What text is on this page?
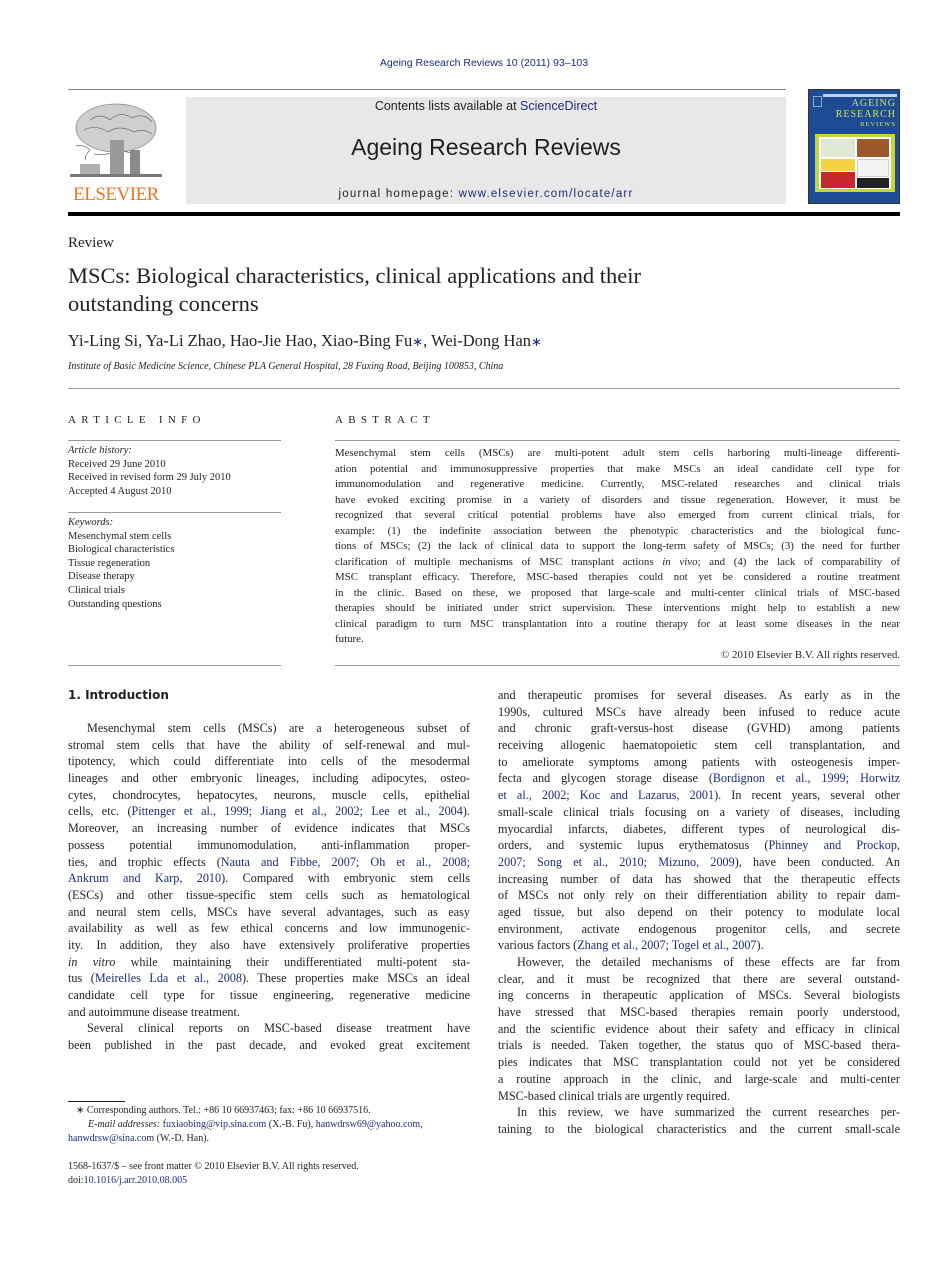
Ageing Research Reviews 10 (2011) 93–103
ELSEVIER
Contents lists available at ScienceDirect
Ageing Research Reviews
journal homepage: www.elsevier.com/locate/arr
AGEING
RESEARCH
REVIEWS
Review
MSCs: Biological characteristics, clinical applications and their
outstanding concerns
Yi-Ling Si, Ya-Li Zhao, Hao-Jie Hao, Xiao-Bing Fu∗, Wei-Dong Han∗
Institute of Basic Medicine Science, Chinese PLA General Hospital, 28 Fuxing Road, Beijing 100853, China
ARTICLE INFO
Article history:
Received 29 June 2010
Received in revised form 29 July 2010
Accepted 4 August 2010
Keywords:
Mesenchymal stem cells
Biological characteristics
Tissue regeneration
Disease therapy
Clinical trials
Outstanding questions
ABSTRACT
Mesenchymal stem cells (MSCs) are multi-potent adult stem cells harboring multi-lineage differenti-
ation potential and immunosuppressive properties that make MSCs an ideal candidate cell type for
immunomodulation and regenerative medicine. Currently, MSC-related researches and clinical trials
have evoked exciting promise in a variety of disorders and tissue regeneration. However, it must be
recognized that several critical potential problems have also emerged from current clinical trials, for
example: (1) the indefinite association between the phenotypic characteristics and the biological func-
tions of MSCs; (2) the lack of clinical data to support the long-term safety of MSCs; (3) the need for further
clarification of multiple mechanisms of MSC transplant actions in vivo; and (4) the lack of comparability of
MSC transplant efficacy. Therefore, MSC-based therapies could not yet be considered a routine treatment
in the clinic. Based on these, we proposed that large-scale and multi-center clinical trials of MSC-based
therapies should be initiated under strict supervision. These interventions might help to establish a new
clinical paradigm to turn MSC transplantation into a routine therapy for at least some diseases in the near
future.
© 2010 Elsevier B.V. All rights reserved.
1. Introduction
Mesenchymal stem cells (MSCs) are a heterogeneous subset of
stromal stem cells that have the ability of self-renewal and mul-
tipotency, which could differentiate into cells of the mesodermal
lineages and other embryonic lineages, including adipocytes, osteo-
cytes, chondrocytes, hepatocytes, neurons, muscle cells, epithelial
cells, etc. (Pittenger et al., 1999; Jiang et al., 2002; Lee et al., 2004).
Moreover, an increasing number of evidence indicates that MSCs
possess potential immunomodulation, anti-inflammation proper-
ties, and trophic effects (Nauta and Fibbe, 2007; Oh et al., 2008;
Ankrum and Karp, 2010). Compared with embryonic stem cells
(ESCs) and other tissue-specific stem cells such as hematological
and neural stem cells, MSCs have several advantages, such as easy
availability as well as few ethical concerns and low immunogenic-
ity. In addition, they also have extensively proliferative properties
in vitro while maintaining their undifferentiated multi-potent sta-
tus (Meirelles Lda et al., 2008). These properties make MSCs an ideal
candidate cell type for tissue engineering, regenerative medicine
and autoimmune disease treatment.
Several clinical reports on MSC-based disease treatment have
been published in the past decade, and evoked great excitement
and therapeutic promises for several diseases. As early as in the
1990s, cultured MSCs have already been infused to reduce acute
and chronic graft-versus-host disease (GVHD) among patients
receiving allogenic haematopoietic stem cell transplantation, and
to ameliorate symptoms among patients with osteogenesis imper-
fecta and glycogen storage disease (Bordignon et al., 1999; Horwitz
et al., 2002; Koc and Lazarus, 2001). In recent years, several other
small-scale clinical trials focusing on a variety of diseases, including
myocardial infarcts, diabetes, different types of neurological dis-
orders, and systemic lupus erythematosus (Phinney and Prockop,
2007; Song et al., 2010; Mizuno, 2009), have been conducted. An
increasing number of data has showed that the therapeutic effects
of MSCs not only rely on their differentiation ability to repair dam-
aged tissue, but also depend on their potency to modulate local
environment, activate endogenous progenitor cells, and secrete
various factors (Zhang et al., 2007; Togel et al., 2007).
However, the detailed mechanisms of these effects are far from
clear, and it must be recognized that there are several outstand-
ing concerns in therapeutic application of MSCs. Several biologists
have stressed that MSC-based therapies remain poorly understood,
and the scientific evidence about their safety and efficacy in clinical
trials is needed. Taken together, the status quo of MSC-based thera-
pies indicates that MSC transplantation could not yet be considered
a routine approach in the clinic, and large-scale and multi-center
MSC-based clinical trials are urgently required.
In this review, we have summarized the current researches per-
taining to the biological characteristics and the current small-scale
∗ Corresponding authors. Tel.: +86 10 66937463; fax: +86 10 66937516.
E-mail addresses: fuxiaobing@vip.sina.com (X.-B. Fu), hanwdrsw69@yahoo.com,
hanwdrsw@sina.com (W.-D. Han).
1568-1637/$ – see front matter © 2010 Elsevier B.V. All rights reserved.
doi:10.1016/j.arr.2010.08.005
